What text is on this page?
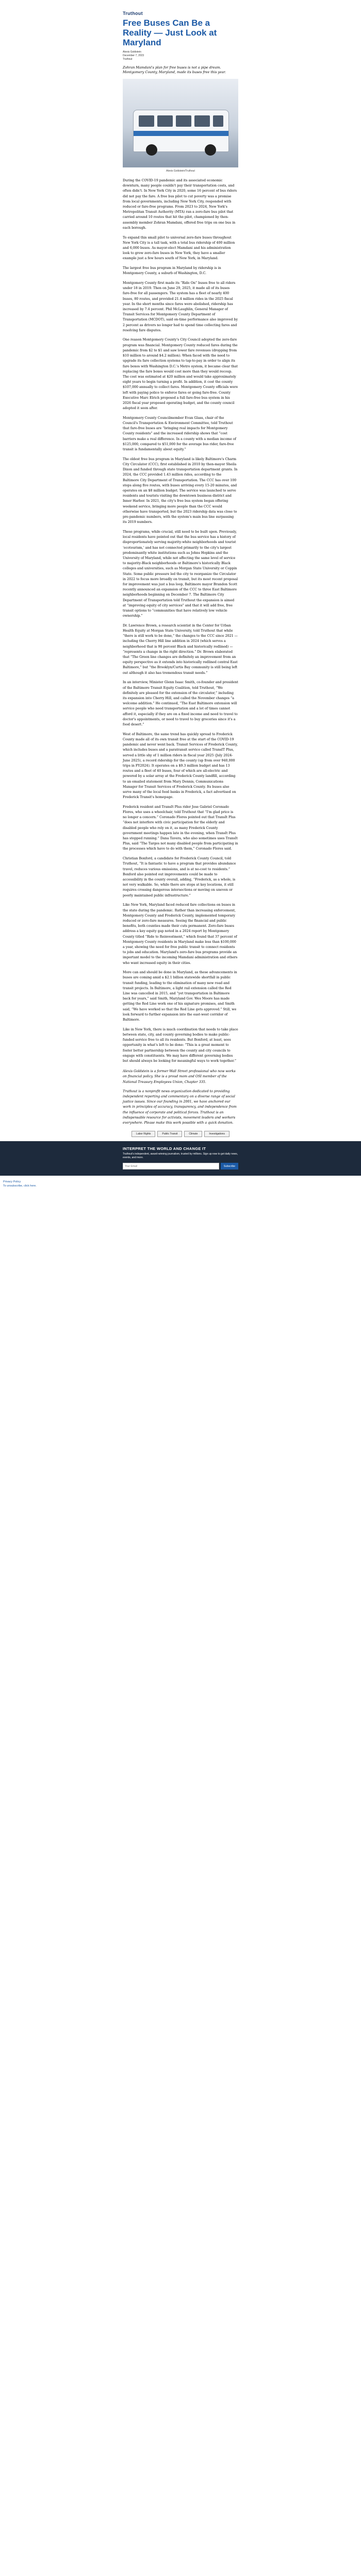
Truthout
Free Buses Can Be a Reality — Just Look at Maryland
Alexis Goldstein
December 7, 2023
Truthout

Zohran Mamdani's plan for free buses is not a pipe dream. Montgomery County, Maryland, made its buses free this year.

Alexis Goldstein/Truthout

During the COVID-19 pandemic and its associated economic downturn, many people couldn't pay their transportation costs, and often didn't. In New York City in 2020, some 16 percent of bus riders did not pay the fare. A free bus pilot to cut poverty was a promise from local governments, including New York City, responded with reduced or fare-free programs. From 2023 to 2024, New York's Metropolitan Transit Authority (MTA) ran a zero-fare bus pilot that carried around 10 routes that hit the pilot, championed by then-assembly member Zohran Mamdani, offered free trips on one bus in each borough.

To expand this small pilot to universal zero-fare buses throughout New York City is a tall task, with a total bus ridership of 400 million and 6,000 buses. As mayor-elect Mamdani and his administration look to grow zero-fare buses in New York, they have a smaller example just a few hours south of New York, in Maryland.

The largest free bus program in Maryland by ridership is in Montgomery County, a suburb of Washington, D.C.

Montgomery County first made its “Ride On” buses free to all riders under 18 in 2019. Then on June 29, 2025, it made all of its buses fare-free for all passengers. The system has a fleet of nearly 400 buses, 80 routes, and provided 21.4 million rides in the 2025 fiscal year. In the short months since fares were abolished, ridership has increased by 7.4 percent. Phil McLaughlin, General Manager of Transit Services for Montgomery County Department of Transportation (MCDOT), said on-time performance also improved by 2 percent as drivers no longer had to spend time collecting fares and resolving fare disputes.

One reason Montgomery County's City Council adopted the zero-fare program was financial. Montgomery County reduced fares during the pandemic from $2 to $1 and saw lower fare revenues (dropping from $10 million to around $4.2 million). When faced with the need to upgrade its fare collection systems to tap-to-pay in order to align its fare boxes with Washington D.C.'s Metro system, it became clear that replacing the fare boxes would cost more than they would recoup. The cost was estimated at $20 million and would take approximately eight years to begin turning a profit. In addition, it cost the county $107,000 annually to collect fares. Montgomery County officials were left with paying police to enforce fares or going fare-free. County Executive Marc Elrich proposed a full fare-free bus system in his 2026 fiscal year proposed operating budget, and the county council adopted it soon after.

Montgomery County Councilmember Evan Glass, chair of the Council's Transportation & Environment Committee, told Truthout that fare-free buses are “bringing real impacts for Montgomery County residents” and the increased ridership shows that “cost barriers make a real difference. In a county with a median income of $125,000, compared to $51,000 for the average bus rider, fare-free transit is fundamentally about equity.”

The oldest free bus program in Maryland is likely Baltimore's Charm City Circulator (CCC), first established in 2010 by then-mayor Sheila Dixon and funded through state transportation department grants. In 2024, the CCC provided 1.43 million rides, according to the Baltimore City Department of Transportation. The CCC has over 100 stops along five routes, with buses arriving every 15-20 minutes, and operates on an $8 million budget. The service was launched to serve residents and tourists visiting the downtown business district and Inner Harbor. In 2021, the city's free bus system began offering weekend service, bringing more people than the CCC would otherwise have transported, but the 2023 ridership data was close to pre-pandemic numbers, with the system's main bus line surpassing its 2019 numbers.

These programs, while crucial, still need to be built upon. Previously, local residents have pointed out that the bus service has a history of disproportionately serving majority-white neighborhoods and tourist ‘ecotourism,’ and has not connected primarily to the city's largest predominantly white institutions such as Johns Hopkins and the University of Maryland, while not affecting the same level of service to majority-Black neighborhoods or Baltimore's historically Black colleges and universities, such as Morgan State University or Coppin State. Some public pressure led the city to reorganize the Circulator in 2022 to focus more broadly on transit, but its most recent proposal for improvement was just a bus loop, Baltimore mayor Brandon Scott recently announced an expansion of the CCC to three East Baltimore neighborhoods beginning on December 7. The Baltimore City Department of Transportation told Truthout the expansion is aimed at “improving equity of city services” and that it will add free, free transit options to “communities that have relatively low vehicle ownership.”

Dr. Lawrence Brown, a research scientist in the Center for Urban Health Equity at Morgan State University, told Truthout that while “there is still work to be done,” the changes to the CCC since 2021 — including the Cherry Hill line addition in 2024 (which serves a neighborhood that is 90 percent Black and historically redlined) — “represents a change in the right direction.” Dr. Brown elaborated that “The Green line changes are definitely an improvement from an equity perspective as it extends into historically redlined central East Baltimore,” but “the Brooklyn/Curtis Bay community is still being left out although it also has tremendous transit needs.”

In an interview, Minister Glenn Isaac Smith, co-founder and president of the Baltimore Transit Equity Coalition, told Truthout, “We definitely are pleased for the extension of the circulator,” including its expansion into Cherry Hill, and called the November changes “a welcome addition.” He continued, “The East Baltimore extension will service people who need transportation and a lot of times cannot afford it, especially if they are on a fixed income and need to travel to doctor's appointments, or need to travel to buy groceries since it's a food desert.”

West of Baltimore, the same trend has quickly spread to Frederick County made all of its own transit free at the start of the COVID-19 pandemic and never went back. Transit Services of Frederick County, which includes buses and a paratransit service called TransIT Plus, served a little shy of 1 million riders in fiscal year 2025 (July 2024-June 2025), a record ridership for the county (up from over 940,000 trips in FY2024). It operates on a $9.3 million budget and has 13 routes and a fleet of 40 buses, four of which are all-electric and powered by a solar array at the Frederick County landfill, according to an emailed statement from Mary Dennis, Communications Manager for Transit Services of Frederick County. Its buses also serve many of the local food banks in Frederick, a fact advertised on Frederick Transit's homepage.

Frederick resident and TransIt Plus rider Jose Gabriel Coronado Flores, who uses a wheelchair, told Truthout that “I'm glad price is no longer a concern.” Coronado Flores pointed out that TransIt Plus “does not interfere with civic participation for the elderly and disabled people who rely on it, as many Frederick County government meetings happen late in the evening, when TransIt Plus has stopped running.” Dana Tavera, who also sometimes uses TransIt Plus, said “The Targes not many disabled people from participating in the processes which have to do with them,” Coronado Flores said.

Christian Bonford, a candidate for Frederick County Council, told Truthout, “It is fantastic to have a program that provides abundance travel, reduces various emissions, and is at no-cost to residents.” Bonford also pointed out improvements could be made to accessibility in the county overall, adding, “Frederick, as a whole, is not very walkable. So, while there are stops at key locations, it still requires crossing dangerous intersections or moving on uneven or poorly maintained public infrastructure.”

Like New York, Maryland faced reduced fare collections on buses in the state during the pandemic. Rather than increasing enforcement, Montgomery County and Frederick County, implemented temporary reduced or zero-fare measures. Seeing the financial and public benefits, both counties made their cuts permanent. Zero-fare buses address a key equity gap noted in a 2024 report by Montgomery County titled “Ride to Reinvestment,” which found that 37 percent of Montgomery County residents in Maryland make less than $100,000 a year, showing the need for free public transit to connect residents to jobs and education. Maryland's zero-fare bus programs provide an important model to the incoming Mamdani administration and others who want increased equity in their cities.

More can and should be done in Maryland, as these advancements in buses are coming amid a $2.1 billion statewide shortfall in public transit funding, leading to the elimination of many new road and transit projects. In Baltimore, a light rail extension called the Red Line was cancelled in 2015, and “yet transportation in Baltimore back for years,” said Smith, Maryland Gov. Wes Moore has made getting the Red Line work one of his signature promises, and Smith said, “We have worked so that the Red Line gets approved.” Still, we look forward to further expansion into the east-west corridor of Baltimore.

Like in New York, there is much coordination that needs to take place between state, city, and county governing bodies to make public-funded service free to all its residents. But Bonford, at least, sees opportunity in what's left to be done: “This is a great moment to foster better partnership between the county and city councils to engage with constituents. We may have different governing bodies but should always be looking for meaningful ways to work together.”

Alexis Goldstein is a former Wall Street professional who now works on financial policy. She is a proud mom and OSI member of the National Treasury Employees Union, Chapter 335.

Truthout is a nonprofit news organization dedicated to providing independent reporting and commentary on a diverse range of social justice issues. Since our founding in 2001, we have anchored our work in principles of accuracy, transparency, and independence from the influence of corporate and political forces. Truthout is an indispensable resource for activists, movement leaders and workers everywhere. Please make this work possible with a quick donation.

Labor Rights	Public Transit	Climate	Investigations
INTERPRET THE WORLD AND CHANGE IT
Truthout's independent, award-winning journalism, trusted by millions. Sign up now to get daily news, events, and more.
Your Email
Subscribe
Privacy Policy
To unsubscribe, click here.
